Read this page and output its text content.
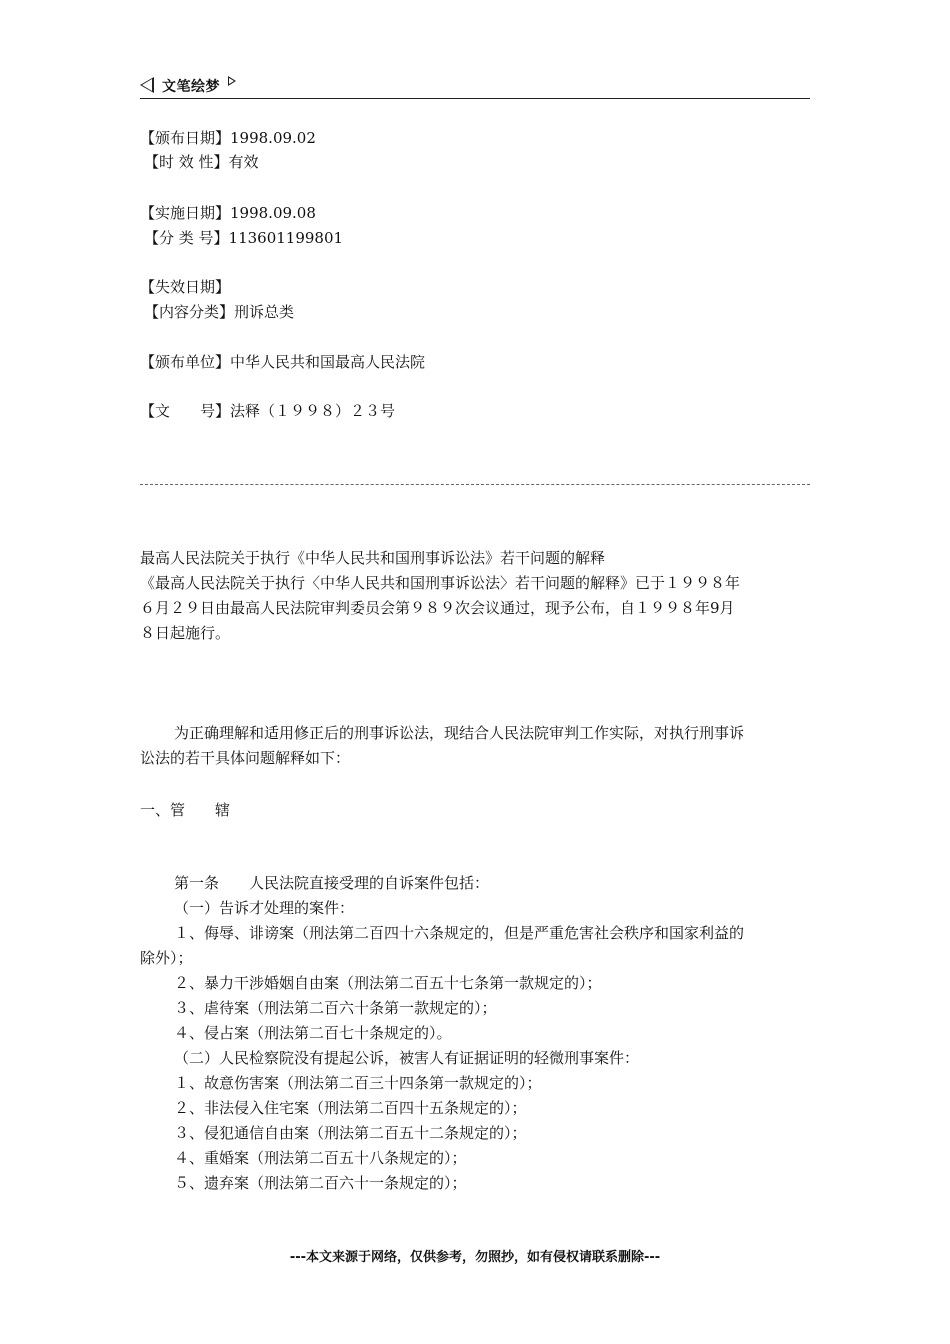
文笔绘梦
【颁布日期】1998.09.02
【时 效 性】有效
【实施日期】1998.09.08
【分 类 号】113601199801
【失效日期】
【内容分类】刑诉总类
【颁布单位】中华人民共和国最高人民法院
【文　　号】法释（１９９８）２３号
最高人民法院关于执行《中华人民共和国刑事诉讼法》若干问题的解释
《最高人民法院关于执行〈中华人民共和国刑事诉讼法〉若干问题的解释》已于１９９８年
６月２９日由最高人民法院审判委员会第９８９次会议通过，现予公布，自１９９８年9月
８日起施行。
为正确理解和适用修正后的刑事诉讼法，现结合人民法院审判工作实际，对执行刑事诉
讼法的若干具体问题解释如下：
一、管　　辖
第一条　　人民法院直接受理的自诉案件包括：
（一）告诉才处理的案件：
１、侮辱、诽谤案（刑法第二百四十六条规定的，但是严重危害社会秩序和国家利益的
除外）；
２、暴力干涉婚姻自由案（刑法第二百五十七条第一款规定的）；
３、虐待案（刑法第二百六十条第一款规定的）；
４、侵占案（刑法第二百七十条规定的）。
（二）人民检察院没有提起公诉，被害人有证据证明的轻微刑事案件：
１、故意伤害案（刑法第二百三十四条第一款规定的）；
２、非法侵入住宅案（刑法第二百四十五条规定的）；
３、侵犯通信自由案（刑法第二百五十二条规定的）；
４、重婚案（刑法第二百五十八条规定的）；
５、遗弃案（刑法第二百六十一条规定的）；
---本文来源于网络，仅供参考，勿照抄，如有侵权请联系删除---
